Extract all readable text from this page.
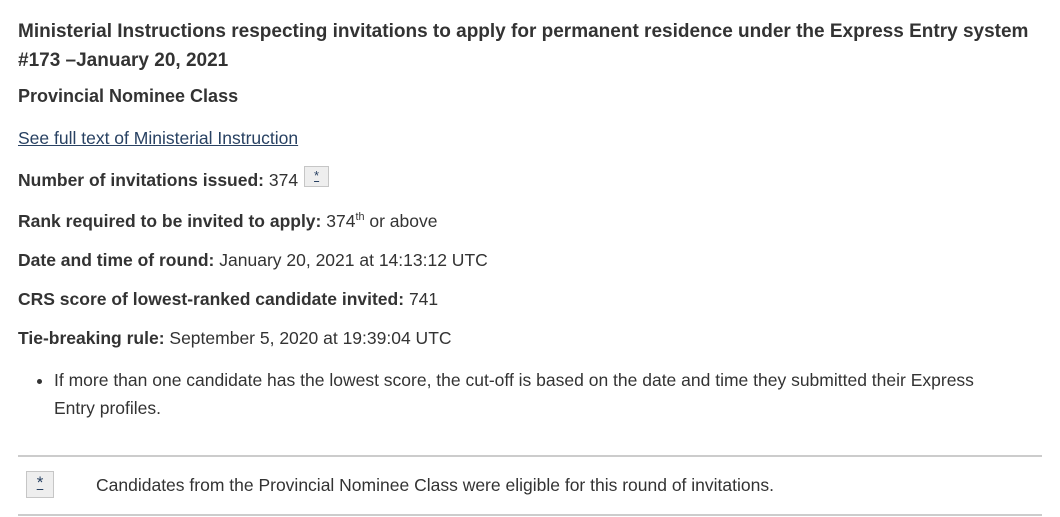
Ministerial Instructions respecting invitations to apply for permanent residence under the Express Entry system
#173 –January 20, 2021
Provincial Nominee Class

See full text of Ministerial Instruction

Number of invitations issued: 374 *

Rank required to be invited to apply: 374th or above

Date and time of round: January 20, 2021 at 14:13:12 UTC

CRS score of lowest-ranked candidate invited: 741

Tie-breaking rule: September 5, 2020 at 19:39:04 UTC

• If more than one candidate has the lowest score, the cut-off is based on the date and time they submitted their Express Entry profiles.
*	Candidates from the Provincial Nominee Class were eligible for this round of invitations.
